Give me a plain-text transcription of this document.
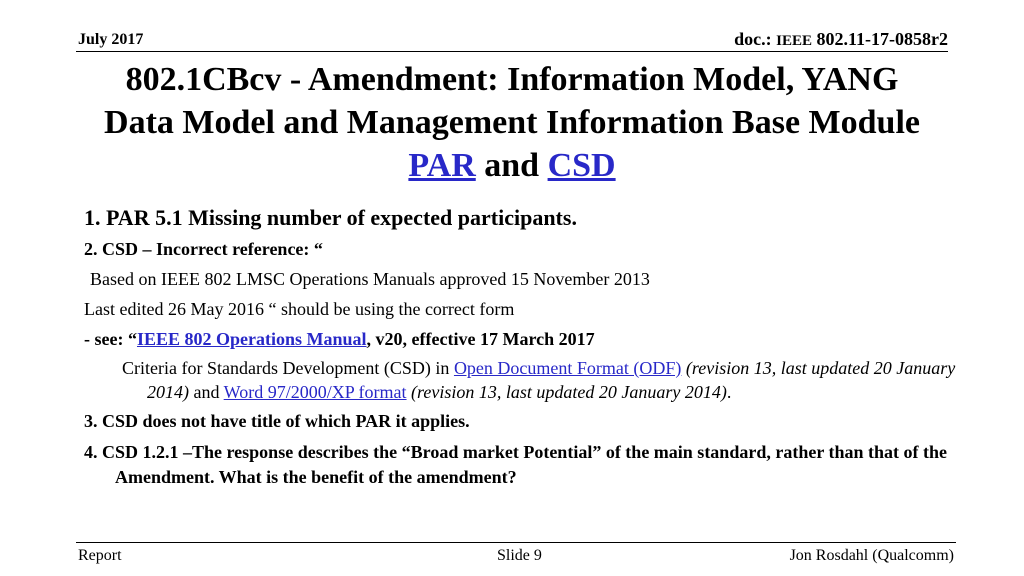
July 2017	doc.: IEEE 802.11-17-0858r2
802.1CBcv - Amendment: Information Model, YANG
Data Model and Management Information Base Module
PAR and CSD
1. PAR 5.1 Missing number of expected participants.
2. CSD – Incorrect reference: “
Based on IEEE 802 LMSC Operations Manuals approved 15 November 2013
Last edited 26 May 2016 “ should be using the correct form
- see: “IEEE 802 Operations Manual, v20, effective 17 March 2017
Criteria for Standards Development (CSD) in Open Document Format (ODF) (revision 13, last updated 20 January 2014) and Word 97/2000/XP format (revision 13, last updated 20 January 2014).
3. CSD does not have title of which PAR it applies.
4. CSD 1.2.1 –The response describes the “Broad market Potential” of the main standard, rather than that of the Amendment. What is the benefit of the amendment?
Report	Slide 9	Jon Rosdahl (Qualcomm)
